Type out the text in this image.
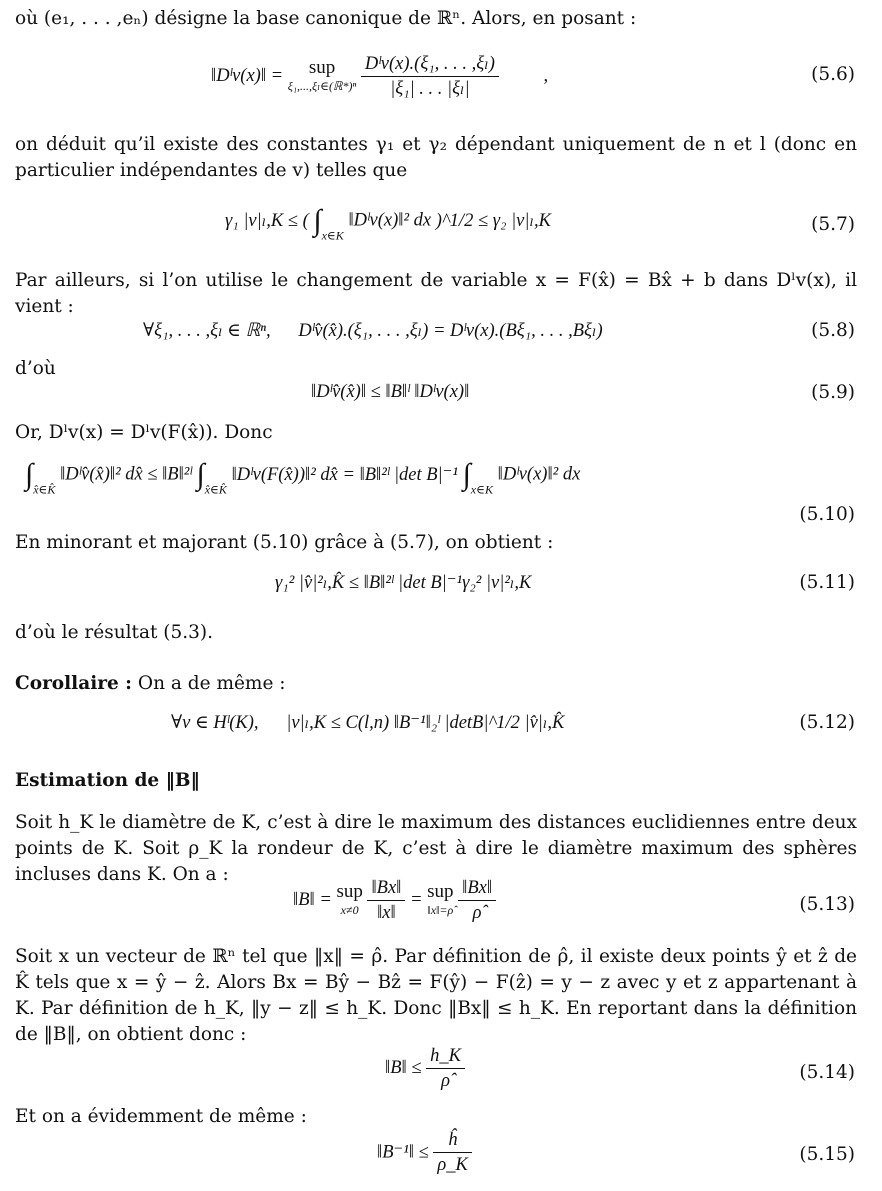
où (e₁, . . . ,eₙ) désigne la base canonique de ℝⁿ. Alors, en posant :
‖Dˡv(x)‖ =	sup
ξ₁,...,ξₗ∈(ℝ*)ⁿ
$\frac{\text{Dˡv(x).(ξ₁, . . . ,ξₗ)}}{\text{|ξ₁| . . . |ξₗ|}}$ ,	(5.6)
on déduit qu’il existe des constantes γ₁ et γ₂ dépendant uniquement de n et l (donc en particulier indépendantes de v) telles que
γ₁ |v|ₗ,K ≤ ( $\int_{x\in K}$ ‖Dˡv(x)‖² dx )^1/2 ≤ γ₂ |v|ₗ,K	(5.7)
Par ailleurs, si l’on utilise le changement de variable x = F(x̂) = Bx̂ + b dans Dˡv(x), il vient :
∀ξ₁, . . . ,ξₗ ∈ ℝⁿ,      Dˡv̂(x̂).(ξ₁, . . . ,ξₗ) = Dˡv(x).(Bξ₁, . . . ,Bξₗ)	(5.8)
d’où
‖Dˡv̂(x̂)‖ ≤ ‖B‖ˡ ‖Dˡv(x)‖	(5.9)
Or, Dˡv(x) = Dˡv(F(x̂)). Donc
$\int_{x̂\in K̂}$ ‖Dˡv̂(x̂)‖² dx̂ ≤ ‖B‖²ˡ $\int_{x̂\in K̂}$ ‖Dˡv(F(x̂))‖² dx̂ = ‖B‖²ˡ |det B|⁻¹ $\int_{x\in K}$ ‖Dˡv(x)‖² dx
(5.10)
En minorant et majorant (5.10) grâce à (5.7), on obtient :
γ₁² |v̂|²ₗ,K̂ ≤ ‖B‖²ˡ |det B|⁻¹γ₂² |v|²ₗ,K	(5.11)
d’où le résultat (5.3).
Corollaire : On a de même :
∀v ∈ Hˡ(K),      |v|ₗ,K ≤ C(l,n) ‖B⁻¹‖₂ˡ |detB|^1/2 |v̂|ₗ,K̂	(5.12)
Estimation de ‖B‖
Soit h_K le diamètre de K, c’est à dire le maximum des distances euclidiennes entre deux points de K. Soit ρ_K la rondeur de K, c’est à dire le diamètre maximum des sphères incluses dans K. On a :
‖B‖ = sup
x≠0
$\frac{‖Bx‖}{‖x‖}$ = sup
‖x‖=ρ̂
$\frac{‖Bx‖}{\rhô}$	(5.13)
Soit x un vecteur de ℝⁿ tel que ‖x‖ = ρ̂. Par définition de ρ̂, il existe deux points ŷ et ẑ de K̂ tels que x = ŷ − ẑ. Alors Bx = Bŷ − Bẑ = F(ŷ) − F(ẑ) = y − z avec y et z appartenant à K. Par définition de h_K, ‖y − z‖ ≤ h_K. Donc ‖Bx‖ ≤ h_K. En reportant dans la définition de ‖B‖, on obtient donc :
‖B‖ ≤ $\frac{h\_K}{\rhô}$	(5.14)
Et on a évidemment de même :
‖B⁻¹‖ ≤ $\frac{ĥ}{\rho\_K}$	(5.15)
